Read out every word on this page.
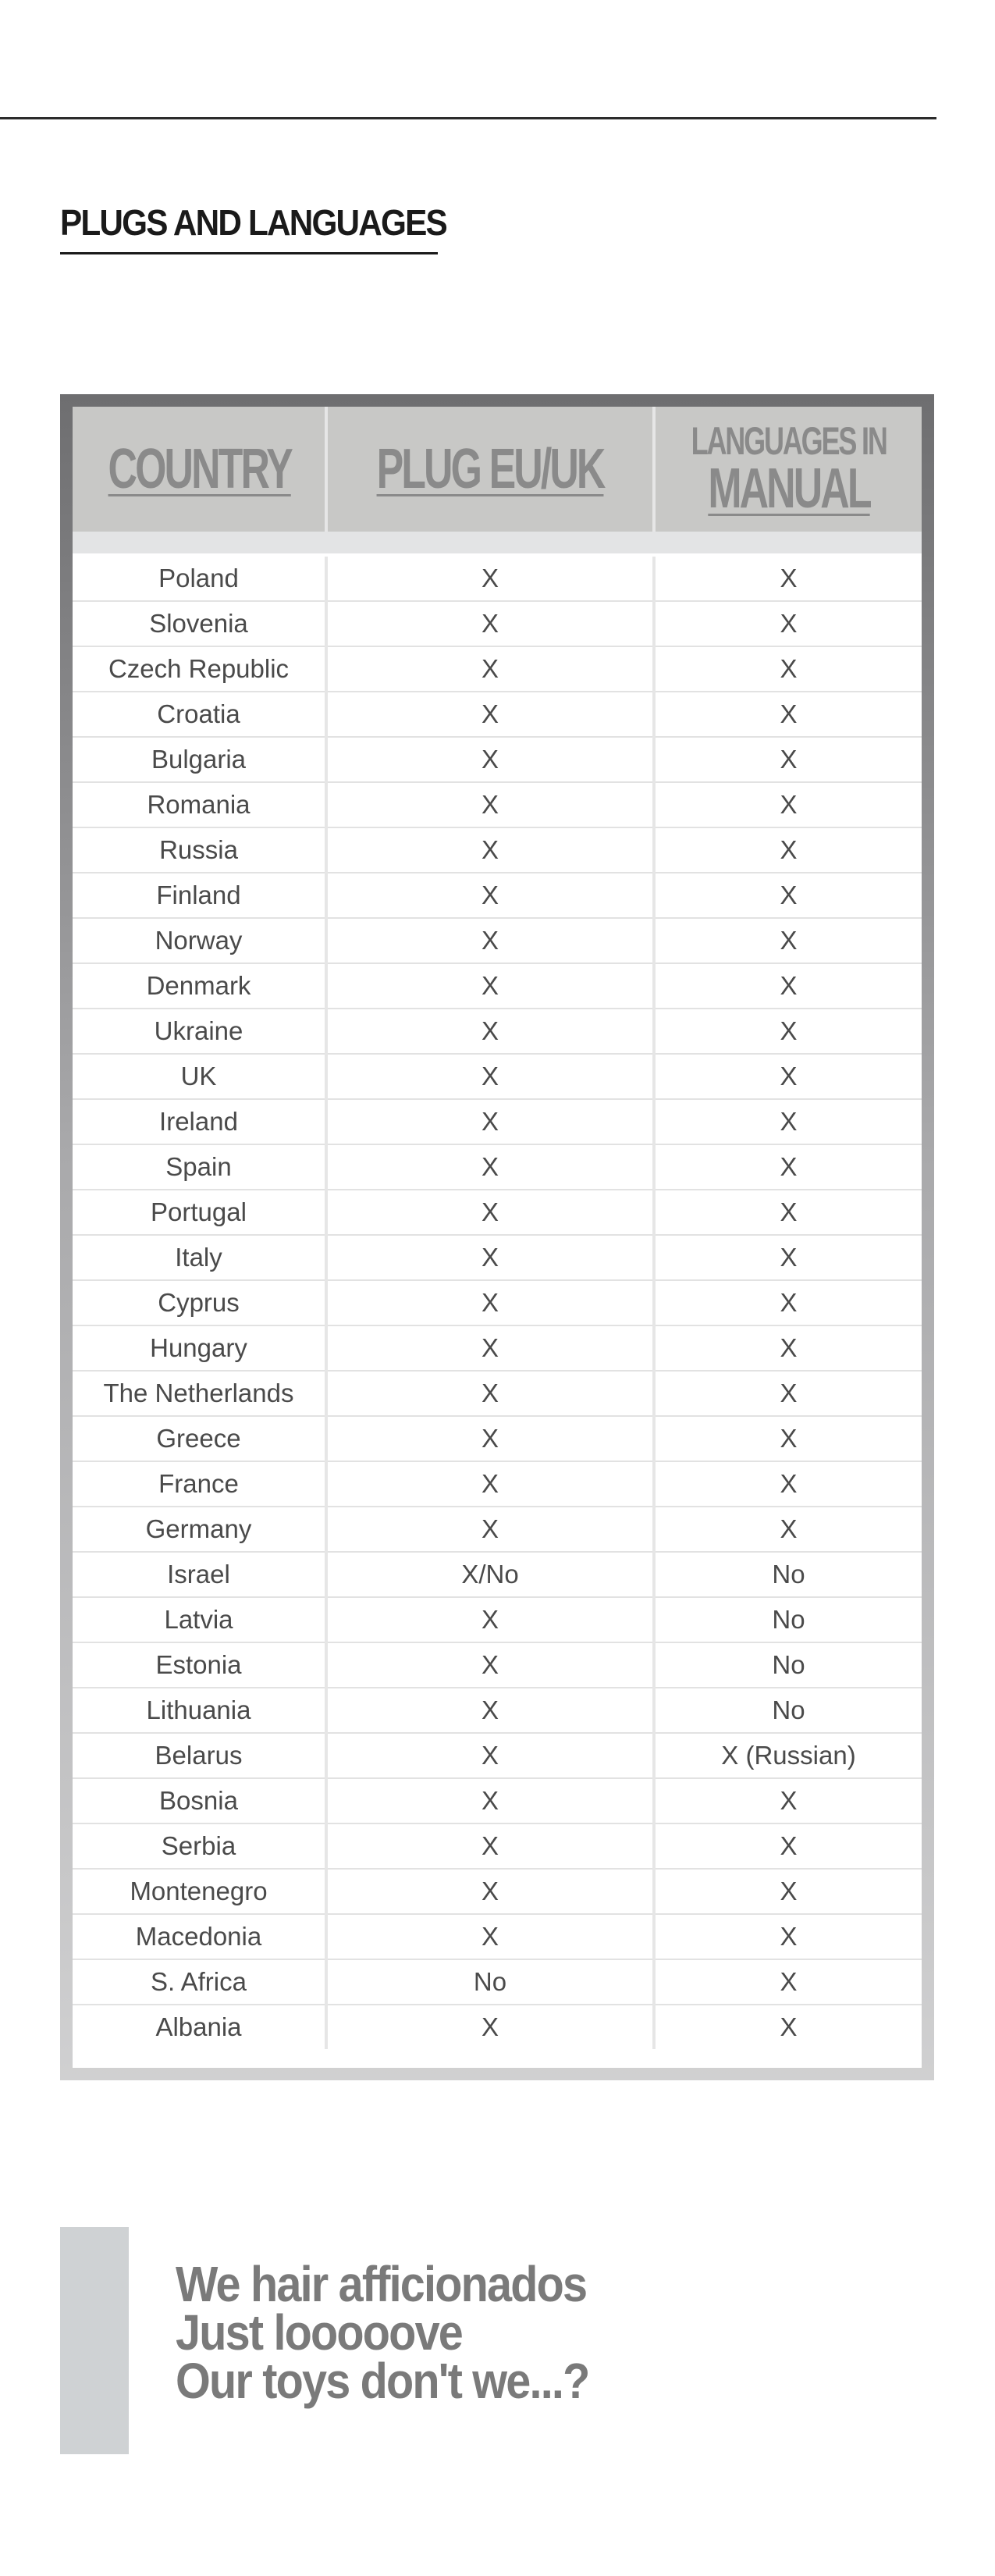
PLUGS AND LANGUAGES
COUNTRY	PLUG EU/UK	LANGUAGES IN
MANUAL

Poland	X	X
Slovenia	X	X
Czech Republic	X	X
Croatia	X	X
Bulgaria	X	X
Romania	X	X
Russia	X	X
Finland	X	X
Norway	X	X
Denmark	X	X
Ukraine	X	X
UK	X	X
Ireland	X	X
Spain	X	X
Portugal	X	X
Italy	X	X
Cyprus	X	X
Hungary	X	X
The Netherlands	X	X
Greece	X	X
France	X	X
Germany	X	X
Israel	X/No	No
Latvia	X	No
Estonia	X	No
Lithuania	X	No
Belarus	X	X (Russian)
Bosnia	X	X
Serbia	X	X
Montenegro	X	X
Macedonia	X	X
S. Africa	No	X
Albania	X	X
We hair afficionados
Just looooove
Our toys don't we...?
